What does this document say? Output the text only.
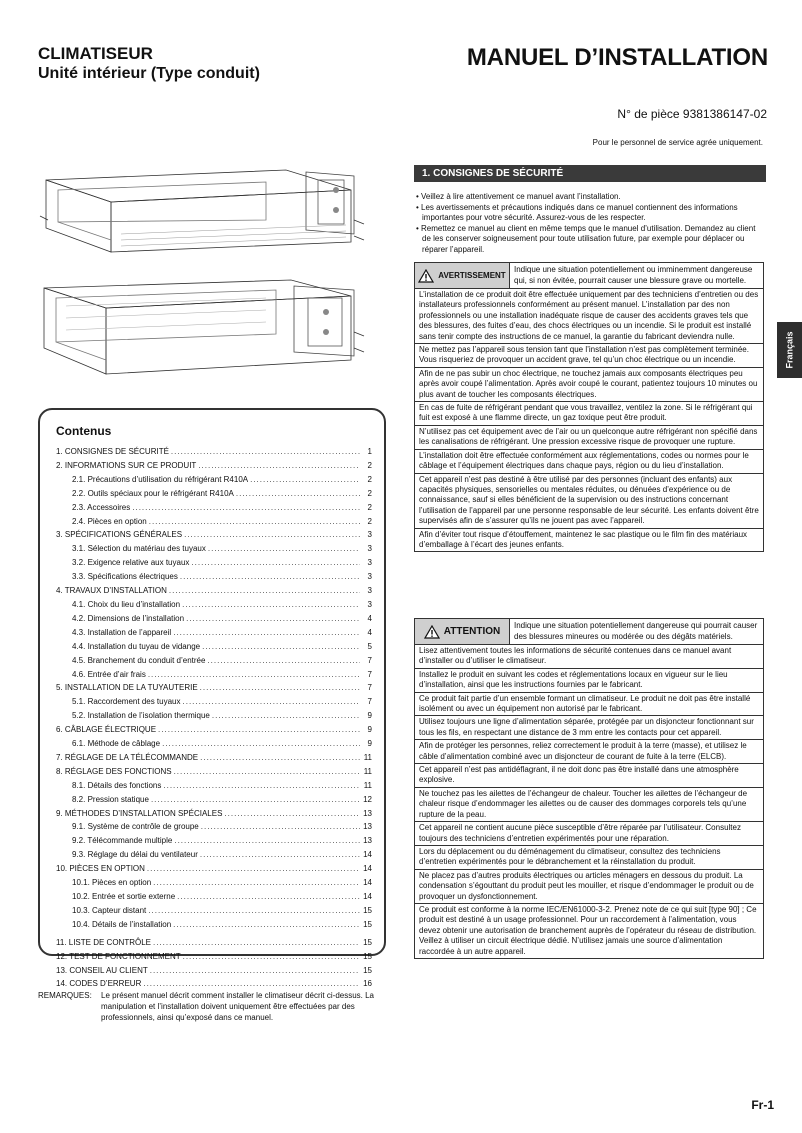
CLIMATISEUR
Unité intérieur (Type conduit)
MANUEL D’INSTALLATION
N° de pièce 9381386147-02
Pour le personnel de service agrée uniquement.
Contenus
1. CONSIGNES DE SÉCURITÉ .....	1
2. INFORMATIONS SUR CE PRODUIT .....	2
2.1. Précautions d’utilisation du réfrigérant R410A .....	2
2.2. Outils spéciaux pour le réfrigérant R410A .....	2
2.3. Accessoires .....	2
2.4. Pièces en option .....	2
3. SPÉCIFICATIONS GÉNÉRALES .....	3
3.1. Sélection du matériau des tuyaux .....	3
3.2. Exigence relative aux tuyaux .....	3
3.3. Spécifications électriques .....	3
4. TRAVAUX D’INSTALLATION .....	3
4.1. Choix du lieu d’installation .....	3
4.2. Dimensions de l’installation .....	4
4.3. Installation de l’appareil .....	4
4.4. Installation du tuyau de vidange .....	5
4.5. Branchement du conduit d’entrée .....	7
4.6. Entrée d’air frais .....	7
5. INSTALLATION DE LA TUYAUTERIE .....	7
5.1. Raccordement des tuyaux .....	7
5.2. Installation de l’isolation thermique .....	9
6. CÂBLAGE ÉLECTRIQUE .....	9
6.1. Méthode de câblage .....	9
7. RÉGLAGE DE LA TÉLÉCOMMANDE .....	11
8. RÉGLAGE DES FONCTIONS .....	11
8.1. Détails des fonctions .....	11
8.2. Pression statique .....	12
9. MÉTHODES D’INSTALLATION SPÉCIALES .....	13
9.1. Système de contrôle de groupe .....	13
9.2. Télécommande multiple .....	13
9.3. Réglage du délai du ventilateur .....	14
10. PIÈCES EN OPTION .....	14
10.1. Pièces en option .....	14
10.2. Entrée et sortie externe .....	14
10.3. Capteur distant .....	15
10.4. Détails de l’installation .....	15
11. LISTE DE CONTRÔLE .....	15
12. TEST DE FONCTIONNEMENT .....	15
13. CONSEIL AU CLIENT .....	15
14. CODES D’ERREUR .....	16
REMARQUES:	Le présent manuel décrit comment installer le climatiseur décrit ci-dessus. La manipulation et l’installation doivent uniquement être effectuées par des professionnels, ainsi qu’exposé dans ce manuel.
1. CONSIGNES DE SÉCURITÉ
• Veillez à lire attentivement ce manuel avant l’installation.
• Les avertissements et précautions indiqués dans ce manuel contiennent des informations importantes pour votre sécurité. Assurez-vous de les respecter.
• Remettez ce manuel au client en même temps que le manuel d’utilisation. Demandez au client de les conserver soigneusement pour toute utilisation future, par exemple pour déplacer ou réparer l’appareil.
AVERTISSEMENT
Indique une situation potentiellement ou imminemment dangereuse qui, si non évitée, pourrait causer une blessure grave ou mortelle.
L’installation de ce produit doit être effectuée uniquement par des techniciens d’entretien ou des installateurs professionnels conformément au présent manuel. L’installation par des non professionnels ou une installation inadéquate risque de causer des accidents graves tels que des blessures, des fuites d’eau, des chocs électriques ou un incendie. Si le produit est installé sans tenir compte des instructions de ce manuel, la garantie du fabricant deviendra nulle.
Ne mettez pas l’appareil sous tension tant que l’installation n’est pas complètement terminée. Vous risqueriez de provoquer un accident grave, tel qu’un choc électrique ou un incendie.
Afin de ne pas subir un choc électrique, ne touchez jamais aux composants électriques peu après avoir coupé l’alimentation. Après avoir coupé le courant, patientez toujours 10 minutes ou plus avant de toucher les composants électriques.
En cas de fuite de réfrigérant pendant que vous travaillez, ventilez la zone. Si le réfrigérant qui fuit est exposé à une flamme directe, un gaz toxique peut être produit.
N’utilisez pas cet équipement avec de l’air ou un quelconque autre réfrigérant non spécifié dans les canalisations de réfrigérant. Une pression excessive risque de provoquer une rupture.
L’installation doit être effectuée conformément aux réglementations, codes ou normes pour le câblage et l’équipement électriques dans chaque pays, région ou du lieu d’installation.
Cet appareil n’est pas destiné à être utilisé par des personnes (incluant des enfants) aux capacités physiques, sensorielles ou mentales réduites, ou dénuées d’expérience ou de connaissance, sauf si elles bénéficient de la supervision ou des instructions concernant l’utilisation de l’appareil par une personne responsable de leur sécurité. Les enfants doivent être supervisés afin de s’assurer qu’ils ne jouent pas avec l’appareil.
Afin d’éviter tout risque d’étouffement, maintenez le sac plastique ou le film fin des matériaux d’emballage à l’écart des jeunes enfants.
ATTENTION
Indique une situation potentiellement dangereuse qui pourrait causer des blessures mineures ou modérée ou des dégâts matériels.
Lisez attentivement toutes les informations de sécurité contenues dans ce manuel avant d’installer ou d’utiliser le climatiseur.
Installez le produit en suivant les codes et réglementations locaux en vigueur sur le lieu d’installation, ainsi que les instructions fournies par le fabricant.
Ce produit fait partie d’un ensemble formant un climatiseur. Le produit ne doit pas être installé isolément ou avec un équipement non autorisé par le fabricant.
Utilisez toujours une ligne d’alimentation séparée, protégée par un disjoncteur fonctionnant sur tous les fils, en respectant une distance de 3 mm entre les contacts pour cet appareil.
Afin de protéger les personnes, reliez correctement le produit à la terre (masse), et utilisez le câble d’alimentation combiné avec un disjoncteur de courant de fuite à la terre (ELCB).
Cet appareil n’est pas antidéflagrant, il ne doit donc pas être installé dans une atmosphère explosive.
Ne touchez pas les ailettes de l’échangeur de chaleur. Toucher les ailettes de l’échangeur de chaleur risque d’endommager les ailettes ou de causer des dommages corporels tels qu’une rupture de la peau.
Cet appareil ne contient aucune pièce susceptible d’être réparée par l’utilisateur. Consultez toujours des techniciens d’entretien expérimentés pour une réparation.
Lors du déplacement ou du déménagement du climatiseur, consultez des techniciens d’entretien expérimentés pour le débranchement et la réinstallation du produit.
Ne placez pas d’autres produits électriques ou articles ménagers en dessous du produit. La condensation s’égouttant du produit peut les mouiller, et risque d’endommager le produit ou de provoquer un dysfonctionnement.
Ce produit est conforme à la norme IEC/EN61000-3-2. Prenez note de ce qui suit [type 90] ; Ce produit est destiné à un usage professionnel. Pour un raccordement à l’alimentation, vous devez obtenir une autorisation de branchement auprès de l’opérateur du réseau de distribution. Veillez à utiliser un circuit électrique dédié. N’utilisez jamais une source d’alimentation raccordée à un autre appareil.
Français
Fr-1
